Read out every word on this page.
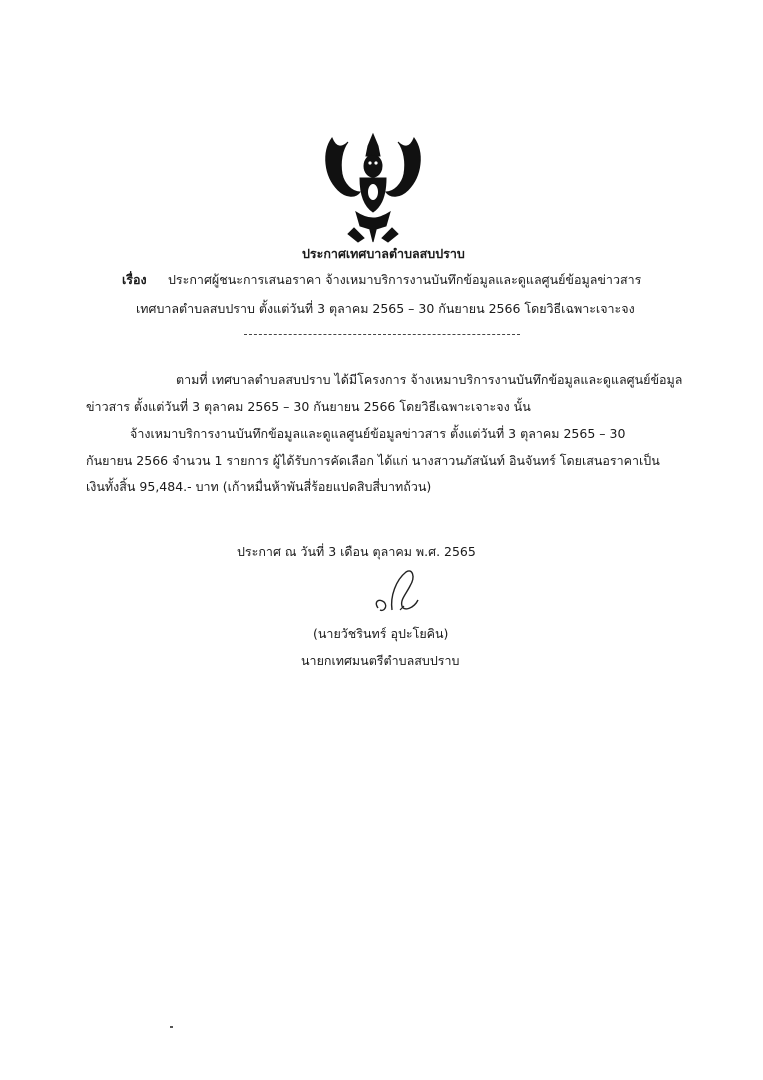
ประกาศเทศบาลตำบลสบปราบ
เรื่อง ประกาศผู้ชนะการเสนอราคา จ้างเหมาบริการงานบันทึกข้อมูลและดูแลศูนย์ข้อมูลข่าวสาร
เทศบาลตำบลสบปราบ ตั้งแต่วันที่ 3 ตุลาคม 2565 – 30 กันยายน 2566 โดยวิธีเฉพาะเจาะจง
ตามที่ เทศบาลตำบลสบปราบ ได้มีโครงการ จ้างเหมาบริการงานบันทึกข้อมูลและดูแลศูนย์ข้อมูล
ข่าวสาร ตั้งแต่วันที่ 3 ตุลาคม 2565 – 30 กันยายน 2566 โดยวิธีเฉพาะเจาะจง นั้น
จ้างเหมาบริการงานบันทึกข้อมูลและดูแลศูนย์ข้อมูลข่าวสาร ตั้งแต่วันที่ 3 ตุลาคม 2565 – 30
กันยายน 2566 จำนวน 1 รายการ ผู้ได้รับการคัดเลือก ได้แก่ นางสาวนภัสนันท์ อินจันทร์ โดยเสนอราคาเป็น
เงินทั้งสิ้น 95,484.- บาท (เก้าหมื่นห้าพันสี่ร้อยแปดสิบสี่บาทถ้วน)
ประกาศ ณ วันที่ 3 เดือน ตุลาคม พ.ศ. 2565
(นายวัชรินทร์ อุปะโยคิน)
นายกเทศมนตรีตำบลสบปราบ
